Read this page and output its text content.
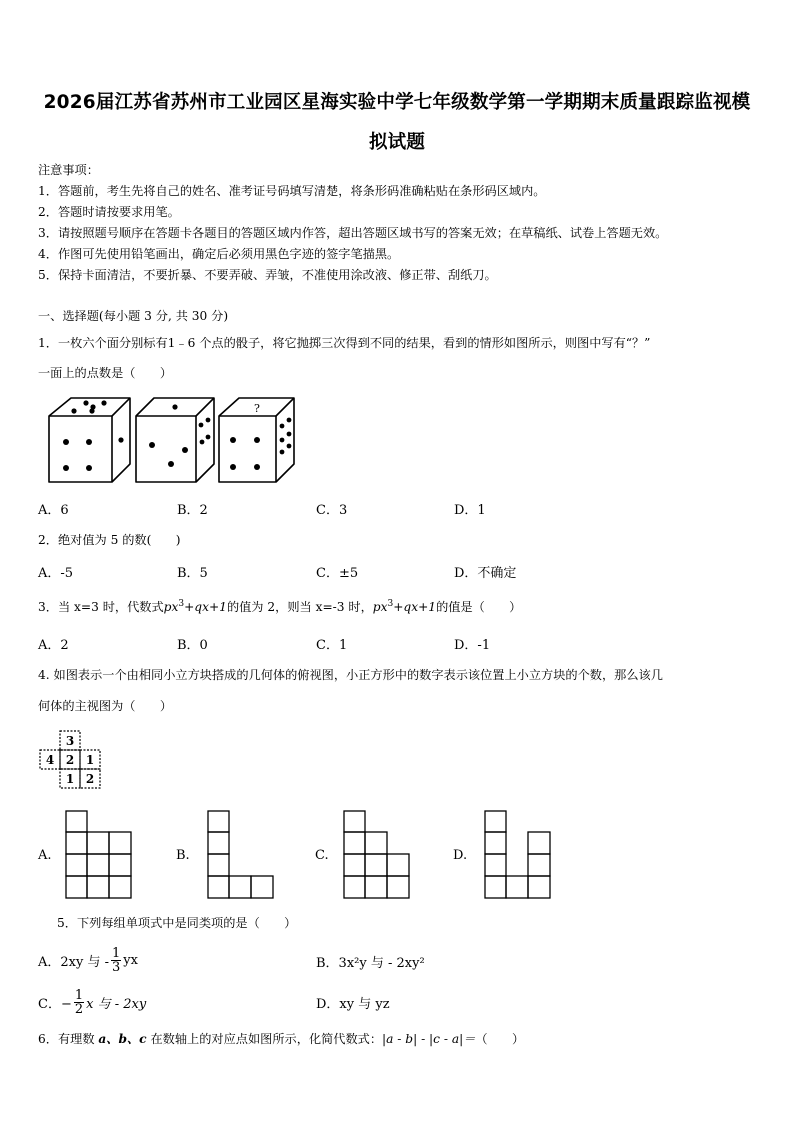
2026届江苏省苏州市工业园区星海实验中学七年级数学第一学期期末质量跟踪监视模
拟试题
注意事项：
1．答题前，考生先将自己的姓名、准考证号码填写清楚，将条形码准确粘贴在条形码区域内。
2．答题时请按要求用笔。
3．请按照题号顺序在答题卡各题目的答题区域内作答，超出答题区域书写的答案无效；在草稿纸、试卷上答题无效。
4．作图可先使用铅笔画出，确定后必须用黑色字迹的签字笔描黑。
5．保持卡面清洁，不要折暴、不要弄破、弄皱，不准使用涂改液、修正带、刮纸刀。
一、选择题(每小题 3 分, 共 30 分)
1．一枚六个面分别标有1﹣6 个点的骰子，将它抛掷三次得到不同的结果，看到的情形如图所示，则图中写有“？”
一面上的点数是（　　）
?
A．6	B．2	C．3	D．1
2．绝对值为 5 的数(　　)
A．-5	B．5	C．±5	D．不确定
3．当 x=3 时，代数式$px^3+qx+1$的值为 2，则当 x=-3 时，$px^3+qx+1$的值是（　　）
A．2	B．0	C．1	D．-1
4. 如图表示一个由相同小立方块搭成的几何体的俯视图，小正方形中的数字表示该位置上小立方块的个数，那么该几
何体的主视图为（　　）
3
4 2 1
1 2
A.	B.	C.	D.
5．下列每组单项式中是同类项的是（　　）
A．2xy 与 - $\frac{1}{3}$ yx	B．3x²y 与 - 2xy²
C．− $\frac{1}{2}$ x 与 - 2xy	D．xy 与 yz
6．有理数 a、b、c 在数轴上的对应点如图所示，化简代数式：|a - b| - |c - a|＝（　　）
